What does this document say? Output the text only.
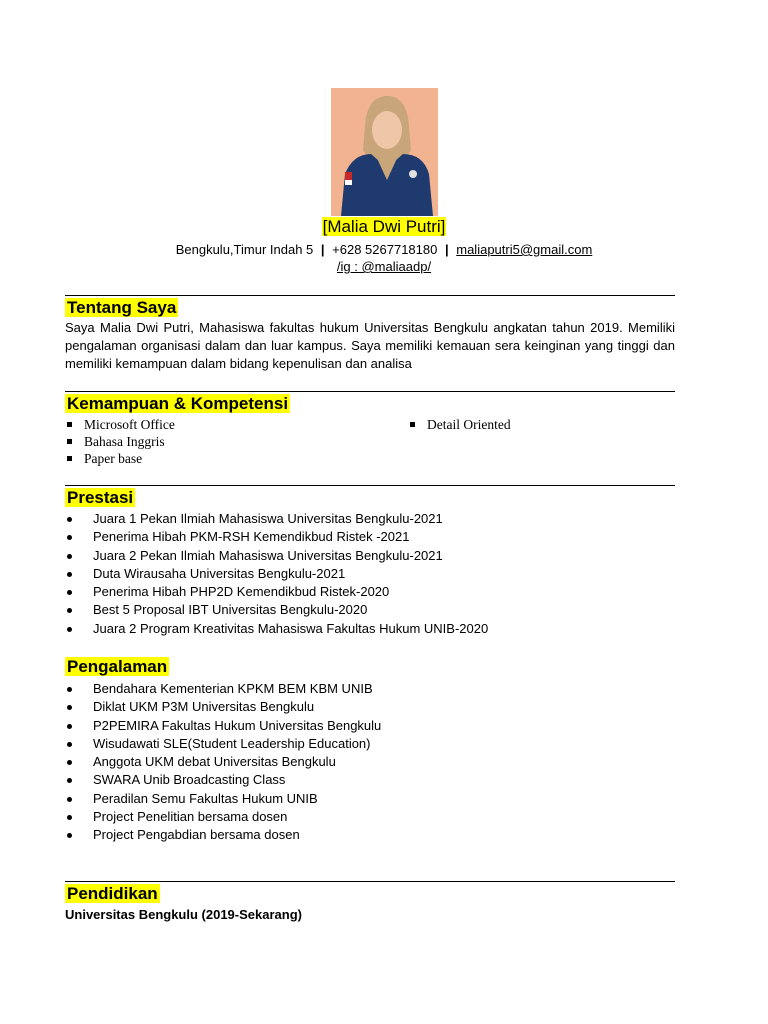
[Malia Dwi Putri]
Bengkulu,Timur Indah 5 | +628 5267718180 | maliaputri5@gmail.com
/ig : @maliaadp/
Tentang Saya
Saya Malia Dwi Putri, Mahasiswa fakultas hukum Universitas Bengkulu angkatan tahun 2019. Memiliki pengalaman organisasi dalam dan luar kampus. Saya memiliki kemauan sera keinginan yang tinggi dan memiliki kemampuan dalam bidang kepenulisan dan analisa
Kemampuan & Kompetensi
Microsoft Office
Bahasa Inggris
Paper base
Detail Oriented
Prestasi
Juara 1 Pekan Ilmiah Mahasiswa Universitas Bengkulu-2021
Penerima Hibah PKM-RSH Kemendikbud Ristek -2021
Juara 2 Pekan Ilmiah Mahasiswa Universitas Bengkulu-2021
Duta Wirausaha Universitas Bengkulu-2021
Penerima Hibah PHP2D Kemendikbud Ristek-2020
Best 5 Proposal IBT Universitas Bengkulu-2020
Juara 2 Program Kreativitas Mahasiswa Fakultas Hukum UNIB-2020
Pengalaman
Bendahara Kementerian KPKM BEM KBM UNIB
Diklat UKM P3M Universitas Bengkulu
P2PEMIRA Fakultas Hukum Universitas Bengkulu
Wisudawati SLE(Student Leadership Education)
Anggota UKM debat Universitas Bengkulu
SWARA Unib Broadcasting Class
Peradilan Semu Fakultas Hukum UNIB
Project Penelitian bersama dosen
Project Pengabdian bersama dosen
Pendidikan
Universitas Bengkulu (2019-Sekarang)
